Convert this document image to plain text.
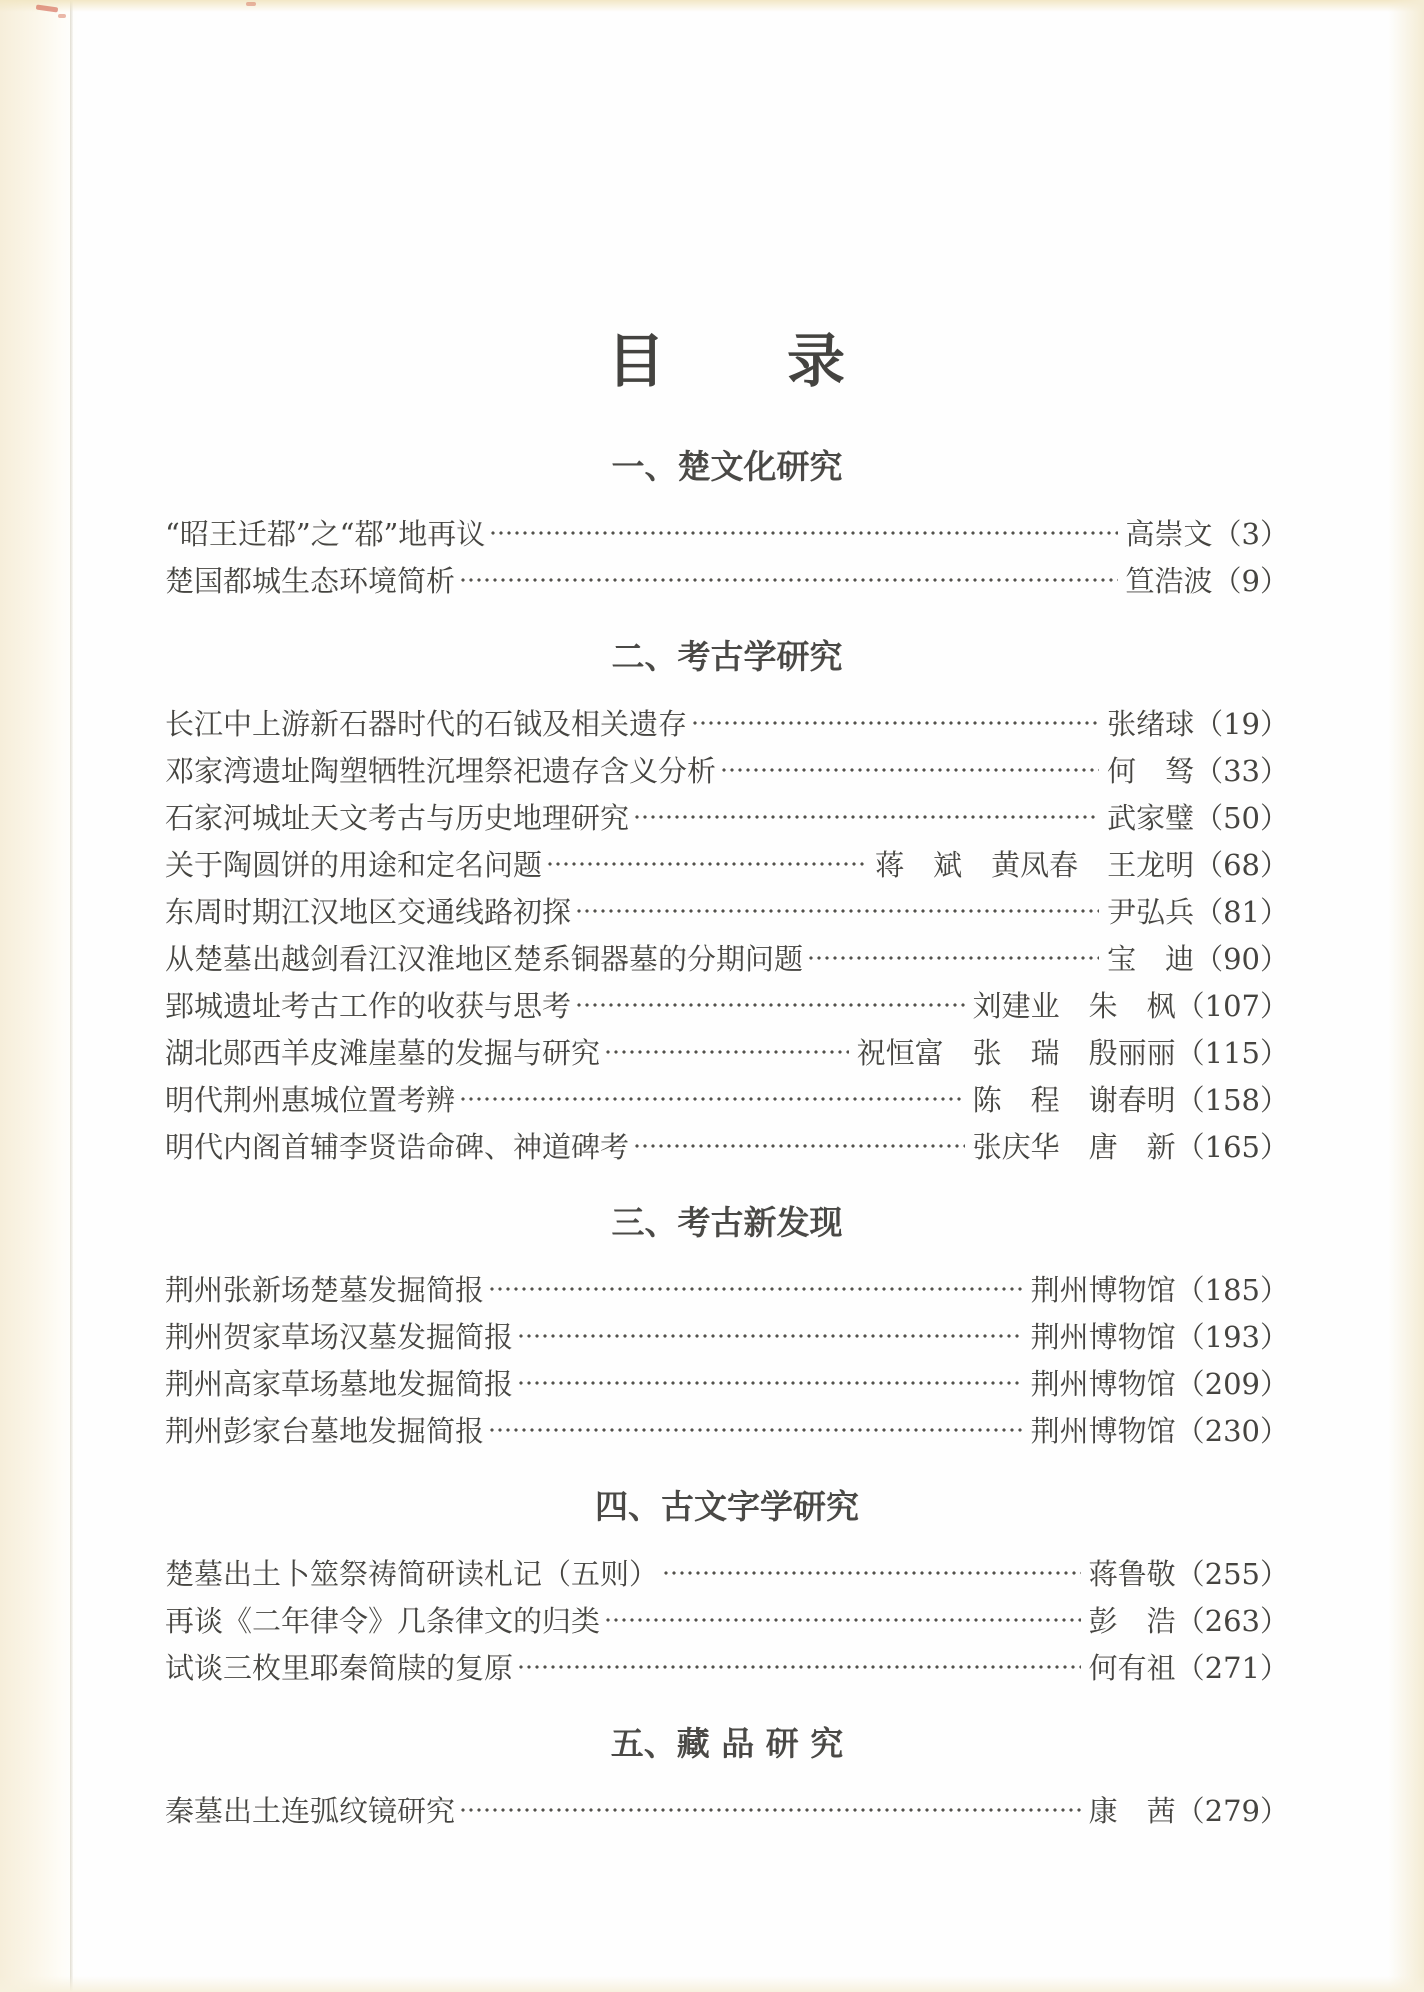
目　　录
一、楚文化研究
“昭王迁鄀”之“鄀”地再议	高崇文 （3）
楚国都城生态环境简析	笪浩波 （9）
二、考古学研究
长江中上游新石器时代的石钺及相关遗存	张绪球 （19）
邓家湾遗址陶塑牺牲沉埋祭祀遗存含义分析	何　驽 （33）
石家河城址天文考古与历史地理研究	武家璧 （50）
关于陶圆饼的用途和定名问题	蒋　斌　黄凤春　王龙明 （68）
东周时期江汉地区交通线路初探	尹弘兵 （81）
从楚墓出越剑看江汉淮地区楚系铜器墓的分期问题	宝　迪 （90）
郢城遗址考古工作的收获与思考	刘建业　朱　枫 （107）
湖北郧西羊皮滩崖墓的发掘与研究	祝恒富　张　瑞　殷丽丽 （115）
明代荆州惠城位置考辨	陈　程　谢春明 （158）
明代内阁首辅李贤诰命碑、神道碑考	张庆华　唐　新 （165）
三、考古新发现
荆州张新场楚墓发掘简报	荆州博物馆 （185）
荆州贺家草场汉墓发掘简报	荆州博物馆 （193）
荆州高家草场墓地发掘简报	荆州博物馆 （209）
荆州彭家台墓地发掘简报	荆州博物馆 （230）
四、古文字学研究
楚墓出土卜筮祭祷简研读札记（五则）	蒋鲁敬 （255）
再谈《二年律令》几条律文的归类	彭　浩 （263）
试谈三枚里耶秦简牍的复原	何有祖 （271）
五、藏 品 研 究
秦墓出土连弧纹镜研究	康　茜 （279）
